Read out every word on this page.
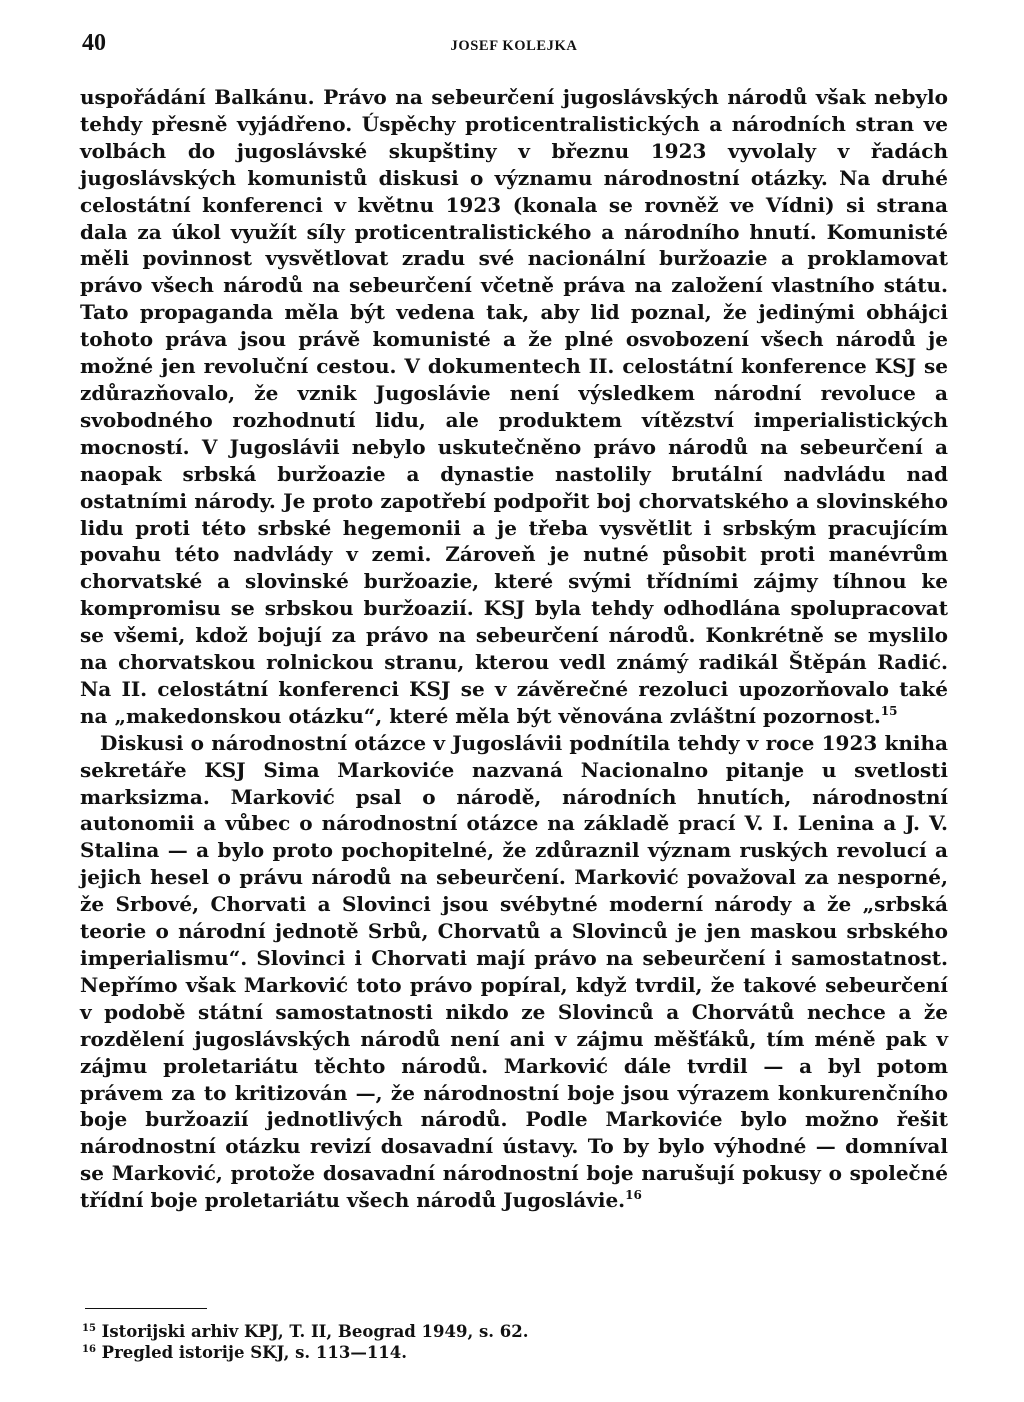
40	JOSEF KOLEJKA

uspořádání Balkánu. Právo na sebeurčení jugoslávských národů však nebylo tehdy přesně vyjádřeno. Úspěchy proticentralistických a národních stran ve volbách do jugoslávské skupštiny v březnu 1923 vyvolaly v řadách jugoslávských komunistů diskusi o významu národnostní otázky. Na druhé celostátní konferenci v květnu 1923 (konala se rovněž ve Vídni) si strana dala za úkol využít síly proticentralistického a národního hnutí. Komunisté měli povinnost vysvětlovat zradu své nacionální buržoazie a proklamovat právo všech národů na sebeurčení včetně práva na založení vlastního státu. Tato propaganda měla být vedena tak, aby lid poznal, že jedinými obhájci tohoto práva jsou právě komunisté a že plné osvobození všech národů je možné jen revoluční cestou. V dokumentech II. celostátní konference KSJ se zdůrazňovalo, že vznik Jugoslávie není výsledkem národní revoluce a svobodného rozhodnutí lidu, ale produktem vítězství imperialistických mocností. V Jugoslávii nebylo uskutečněno právo národů na sebeurčení a naopak srbská buržoazie a dynastie nastolily brutální nadvládu nad ostatními národy. Je proto zapotřebí podpořit boj chorvatského a slovinského lidu proti této srbské hegemonii a je třeba vysvětlit i srbským pracujícím povahu této nadvlády v zemi. Zároveň je nutné působit proti manévrům chorvatské a slovinské buržoazie, které svými třídními zájmy tíhnou ke kompromisu se srbskou buržoazií. KSJ byla tehdy odhodlána spolupracovat se všemi, kdož bojují za právo na sebeurčení národů. Konkrétně se myslilo na chorvatskou rolnickou stranu, kterou vedl známý radikál Štěpán Radić. Na II. celostátní konferenci KSJ se v závěrečné rezoluci upozorňovalo také na „makedonskou otázku“, které měla být věnována zvláštní pozornost.$^{15}$

Diskusi o národnostní otázce v Jugoslávii podnítila tehdy v roce 1923 kniha sekretáře KSJ Sima Markoviće nazvaná Nacionalno pitanje u svetlosti marksizma. Marković psal o národě, národních hnutích, národnostní autonomii a vůbec o národnostní otázce na základě prací V. I. Lenina a J. V. Stalina — a bylo proto pochopitelné, že zdůraznil význam ruských revolucí a jejich hesel o právu národů na sebeurčení. Marković považoval za nesporné, že Srbové, Chorvati a Slovinci jsou svébytné moderní národy a že „srbská teorie o národní jednotě Srbů, Chorvatů a Slovinců je jen maskou srbského imperialismu“. Slovinci i Chorvati mají právo na sebeurčení i samostatnost. Nepřímo však Marković toto právo popíral, když tvrdil, že takové sebeurčení v podobě státní samostatnosti nikdo ze Slovinců a Chorvátů nechce a že rozdělení jugoslávských národů není ani v zájmu měšťáků, tím méně pak v zájmu proletariátu těchto národů. Marković dále tvrdil — a byl potom právem za to kritizován —, že národnostní boje jsou výrazem konkurenčního boje buržoazií jednotlivých národů. Podle Markoviće bylo možno řešit národnostní otázku revizí dosavadní ústavy. To by bylo výhodné — domníval se Marković, protože dosavadní národnostní boje narušují pokusy o společné třídní boje proletariátu všech národů Jugoslávie.$^{16}$

$^{15}$ Istorijski arhiv KPJ, T. II, Beograd 1949, s. 62.
$^{16}$ Pregled istorije SKJ, s. 113—114.
